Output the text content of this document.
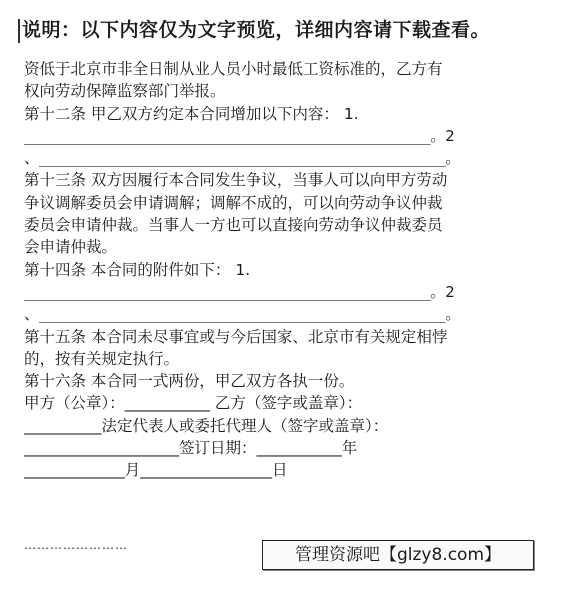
说明：以下内容仅为文字预览，详细内容请下载查看。
资低于北京市非全日制从业人员小时最低工资标准的，乙方有
权向劳动保障监察部门举报。
第十二条 甲乙双方约定本合同增加以下内容： 1.
______________________________________________。2
、______________________________________________。
第十三条 双方因履行本合同发生争议，当事人可以向甲方劳动
争议调解委员会申请调解；调解不成的，可以向劳动争议仲裁
委员会申请仲裁。当事人一方也可以直接向劳动争议仲裁委员
会申请仲裁。
第十四条 本合同的附件如下： 1.
______________________________________________。2
、______________________________________________。
第十五条 本合同未尽事宜或与今后国家、北京市有关规定相悖
的，按有关规定执行。
第十六条 本合同一式两份，甲乙双方各执一份。
甲方（公章）：___________ 乙方（签字或盖章）：
__________法定代表人或委托代理人（签字或盖章）：
____________________签订日期：___________年
_____________月_________________日
……………………	管理资源吧【glzy8.com】
